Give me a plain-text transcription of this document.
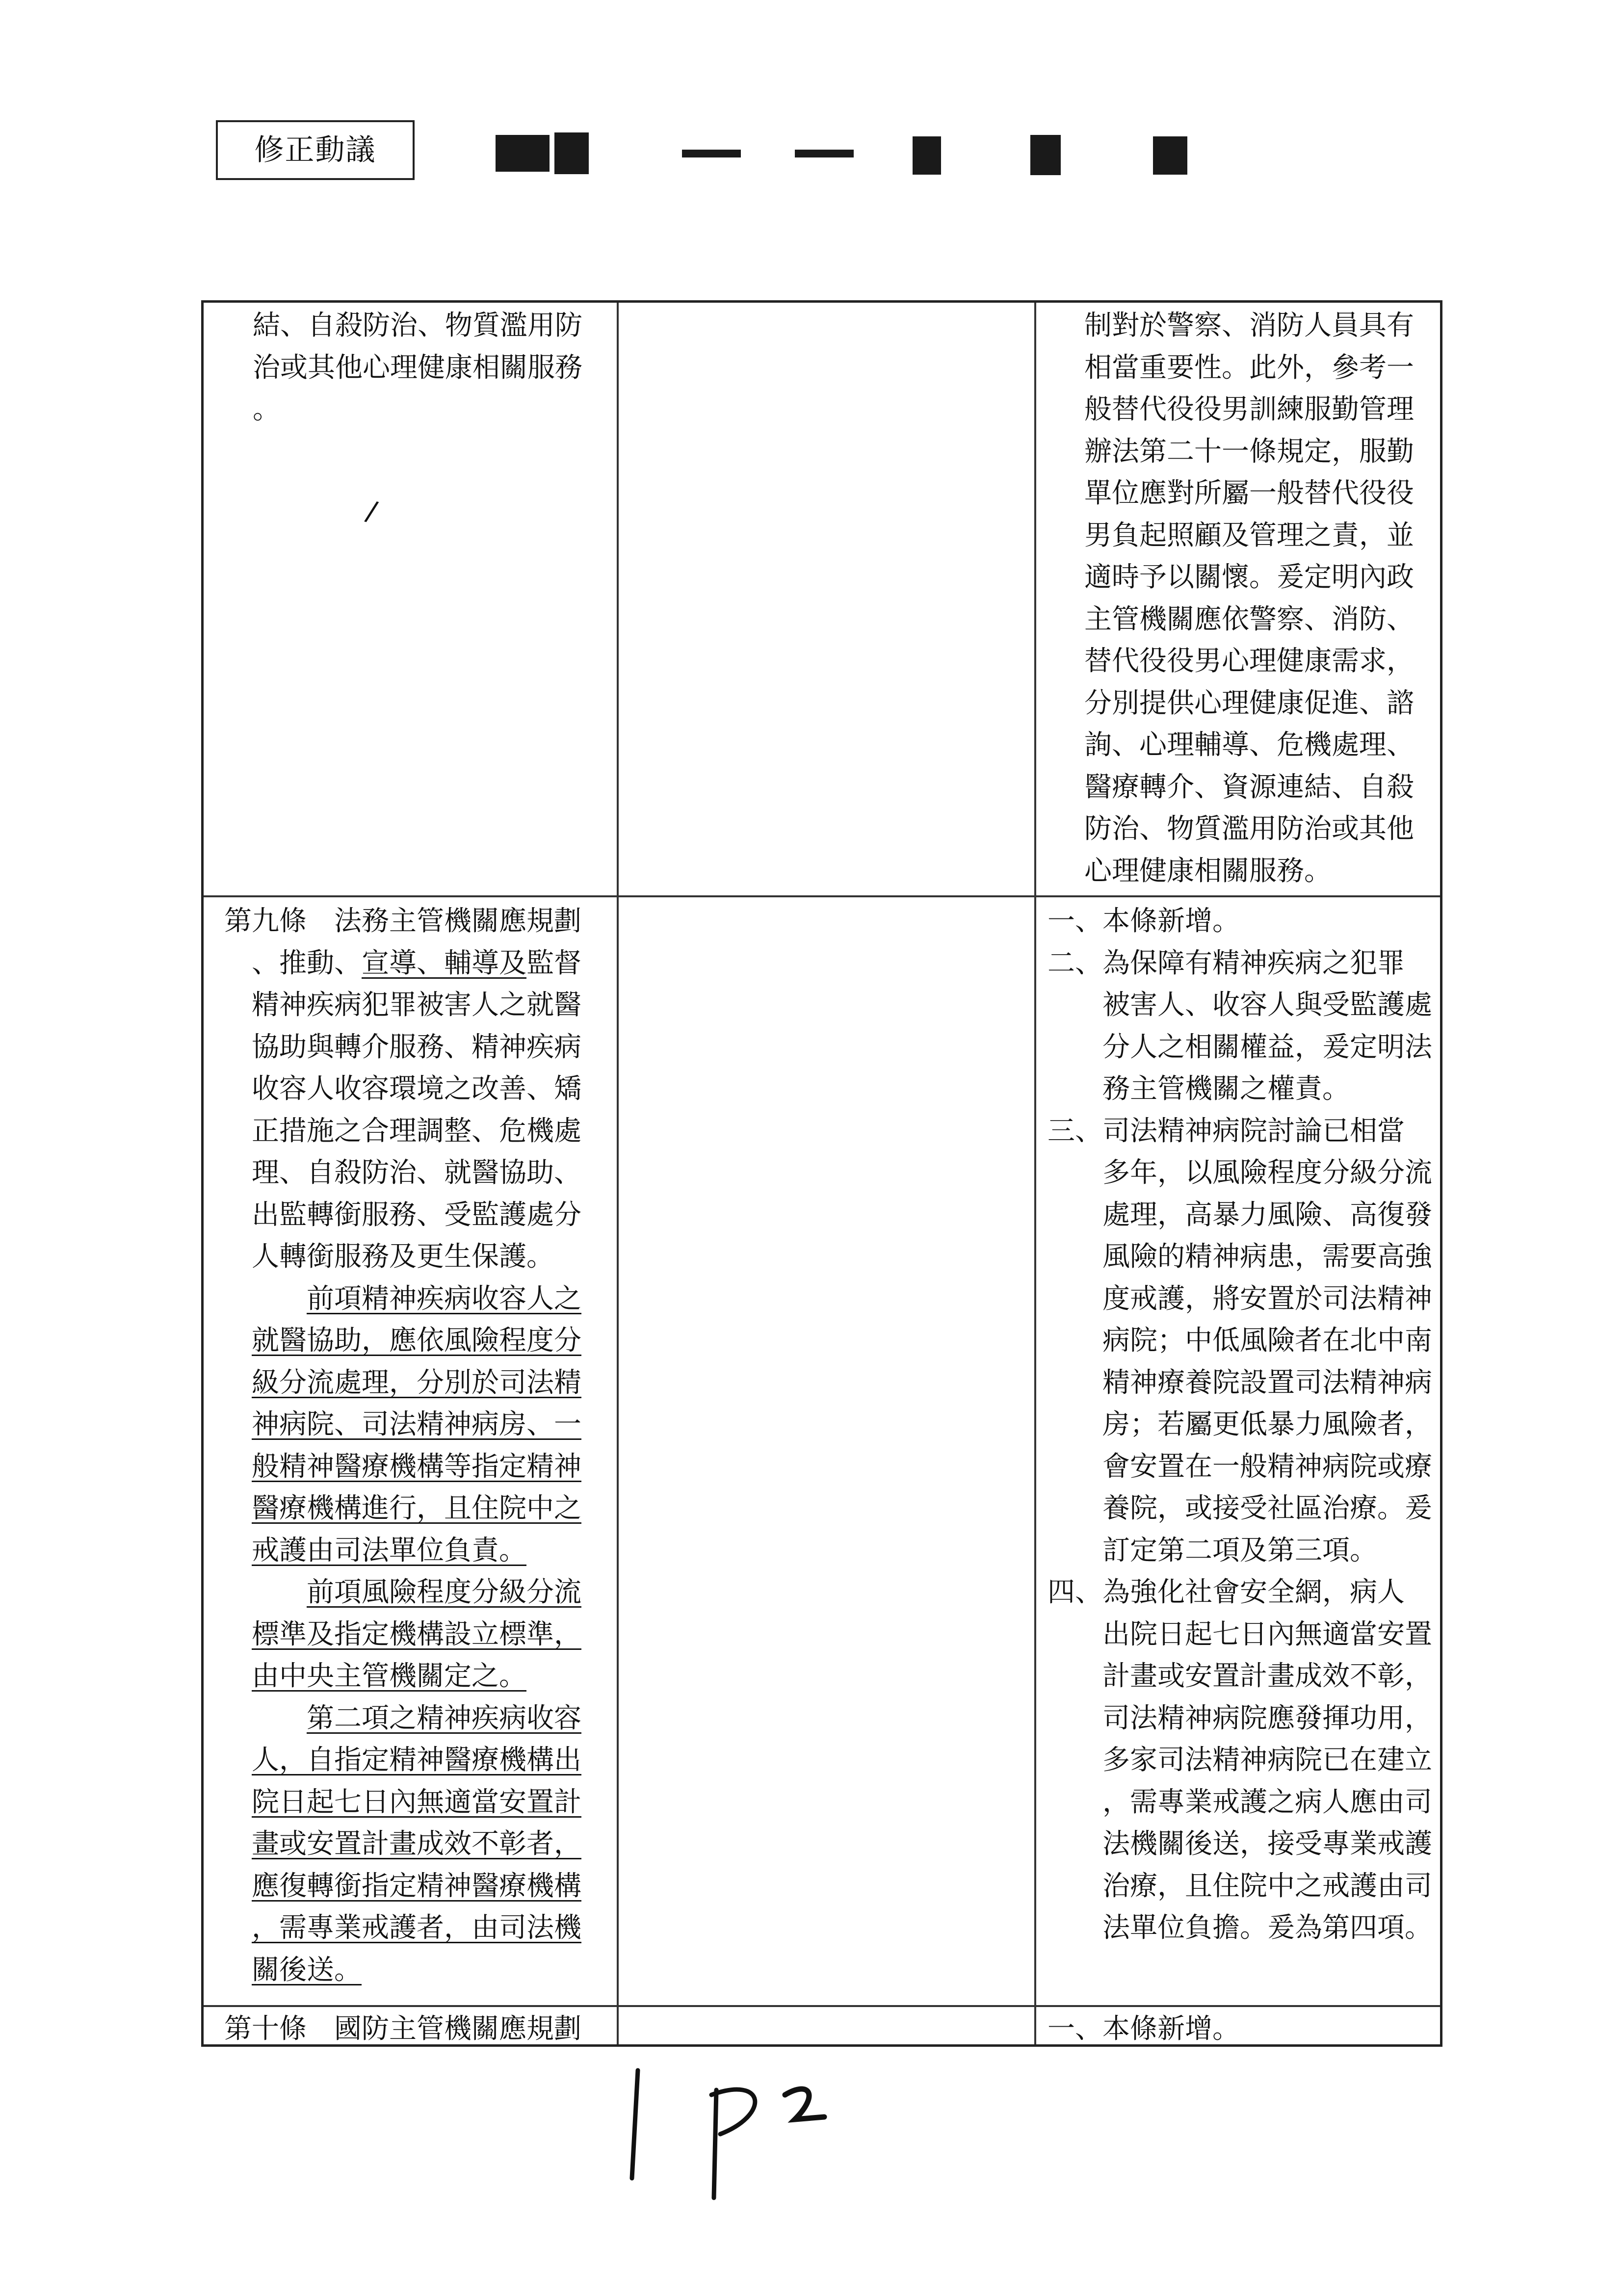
修正動議

結、自殺防治、物質濫用防

治或其他心理健康相關服務

。

制對於警察、消防人員具有

相當重要性。此外，參考一

般替代役役男訓練服勤管理

辦法第二十一條規定，服勤

單位應對所屬一般替代役役

男負起照顧及管理之責，並

適時予以關懷。爰定明內政

主管機關應依警察、消防、

替代役役男心理健康需求，

分別提供心理健康促進、諮

詢、心理輔導、危機處理、

醫療轉介、資源連結、自殺

防治、物質濫用防治或其他

心理健康相關服務。

第九條　法務主管機關應規劃

　、推動、宣導、輔導及監督

　精神疾病犯罪被害人之就醫

　協助與轉介服務、精神疾病

　收容人收容環境之改善、矯

　正措施之合理調整、危機處

　理、自殺防治、就醫協助、

　出監轉銜服務、受監護處分

　人轉銜服務及更生保護。

　　　前項精神疾病收容人之

　就醫協助，應依風險程度分

　級分流處理，分別於司法精

　神病院、司法精神病房、一

　般精神醫療機構等指定精神

　醫療機構進行，且住院中之

　戒護由司法單位負責。

　　　前項風險程度分級分流

　標準及指定機構設立標準，

　由中央主管機關定之。

　　　第二項之精神疾病收容

　人，自指定精神醫療機構出

　院日起七日內無適當安置計

　畫或安置計畫成效不彰者，

　應復轉銜指定精神醫療機構

　，需專業戒護者，由司法機

　關後送。

一、本條新增。

二、為保障有精神疾病之犯罪

　　被害人、收容人與受監護處

　　分人之相關權益，爰定明法

　　務主管機關之權責。

三、司法精神病院討論已相當

　　多年，以風險程度分級分流

　　處理，高暴力風險、高復發

　　風險的精神病患，需要高強

　　度戒護，將安置於司法精神

　　病院；中低風險者在北中南

　　精神療養院設置司法精神病

　　房；若屬更低暴力風險者，

　　會安置在一般精神病院或療

　　養院，或接受社區治療。爰

　　訂定第二項及第三項。

四、為強化社會安全網，病人

　　出院日起七日內無適當安置

　　計畫或安置計畫成效不彰，

　　司法精神病院應發揮功用，

　　多家司法精神病院已在建立

　　，需專業戒護之病人應由司

　　法機關後送，接受專業戒護

　　治療，且住院中之戒護由司

　　法單位負擔。爰為第四項。

第十條　國防主管機關應規劃	一、本條新增。

/
